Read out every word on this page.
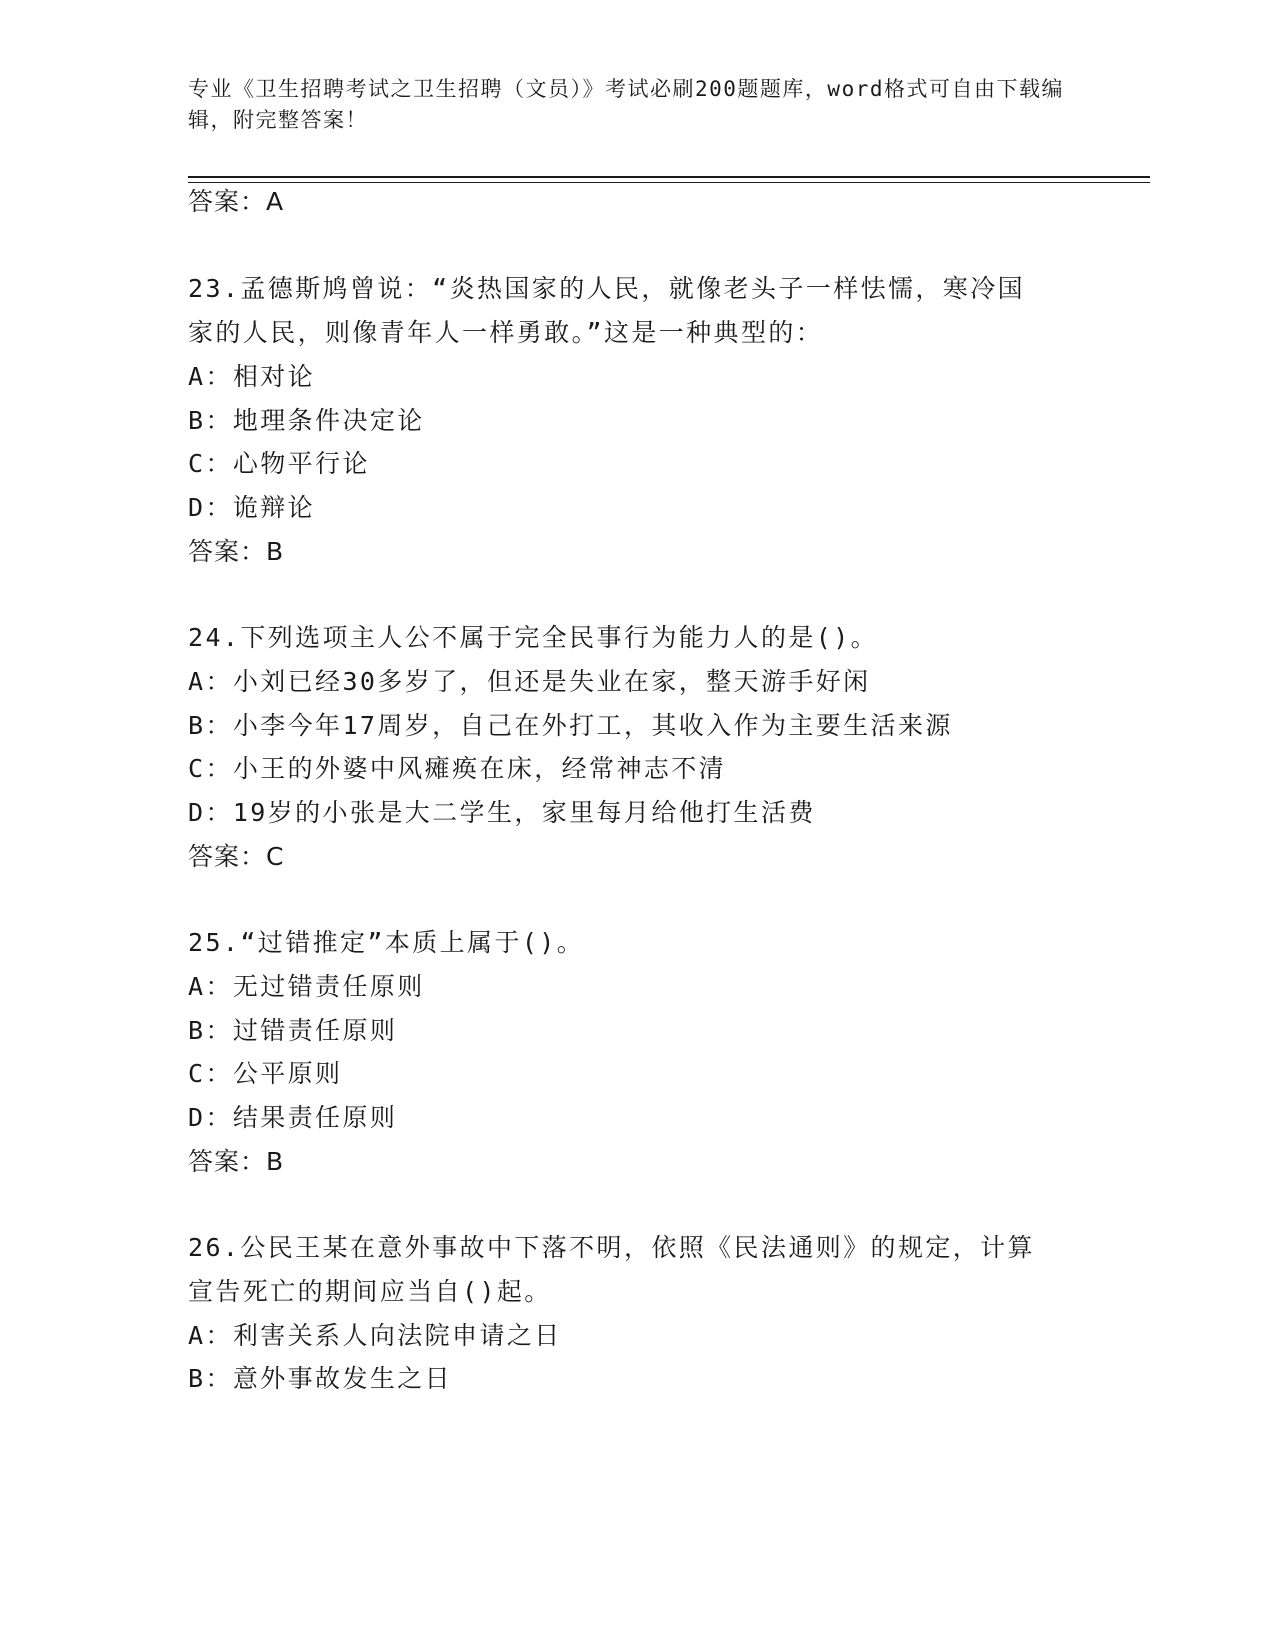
专业《卫生招聘考试之卫生招聘（文员）》考试必刷200题题库，word格式可自由下载编辑，附完整答案！
答案：A
23.孟德斯鸠曾说：“炎热国家的人民，就像老头子一样怯懦，寒冷国
家的人民，则像青年人一样勇敢。”这是一种典型的：
A：相对论
B：地理条件决定论
C：心物平行论
D：诡辩论
答案：B
24.下列选项主人公不属于完全民事行为能力人的是()。
A：小刘已经30多岁了，但还是失业在家，整天游手好闲
B：小李今年17周岁，自己在外打工，其收入作为主要生活来源
C：小王的外婆中风瘫痪在床，经常神志不清
D：19岁的小张是大二学生，家里每月给他打生活费
答案：C
25.“过错推定”本质上属于()。
A：无过错责任原则
B：过错责任原则
C：公平原则
D：结果责任原则
答案：B
26.公民王某在意外事故中下落不明，依照《民法通则》的规定，计算
宣告死亡的期间应当自()起。
A：利害关系人向法院申请之日
B：意外事故发生之日
